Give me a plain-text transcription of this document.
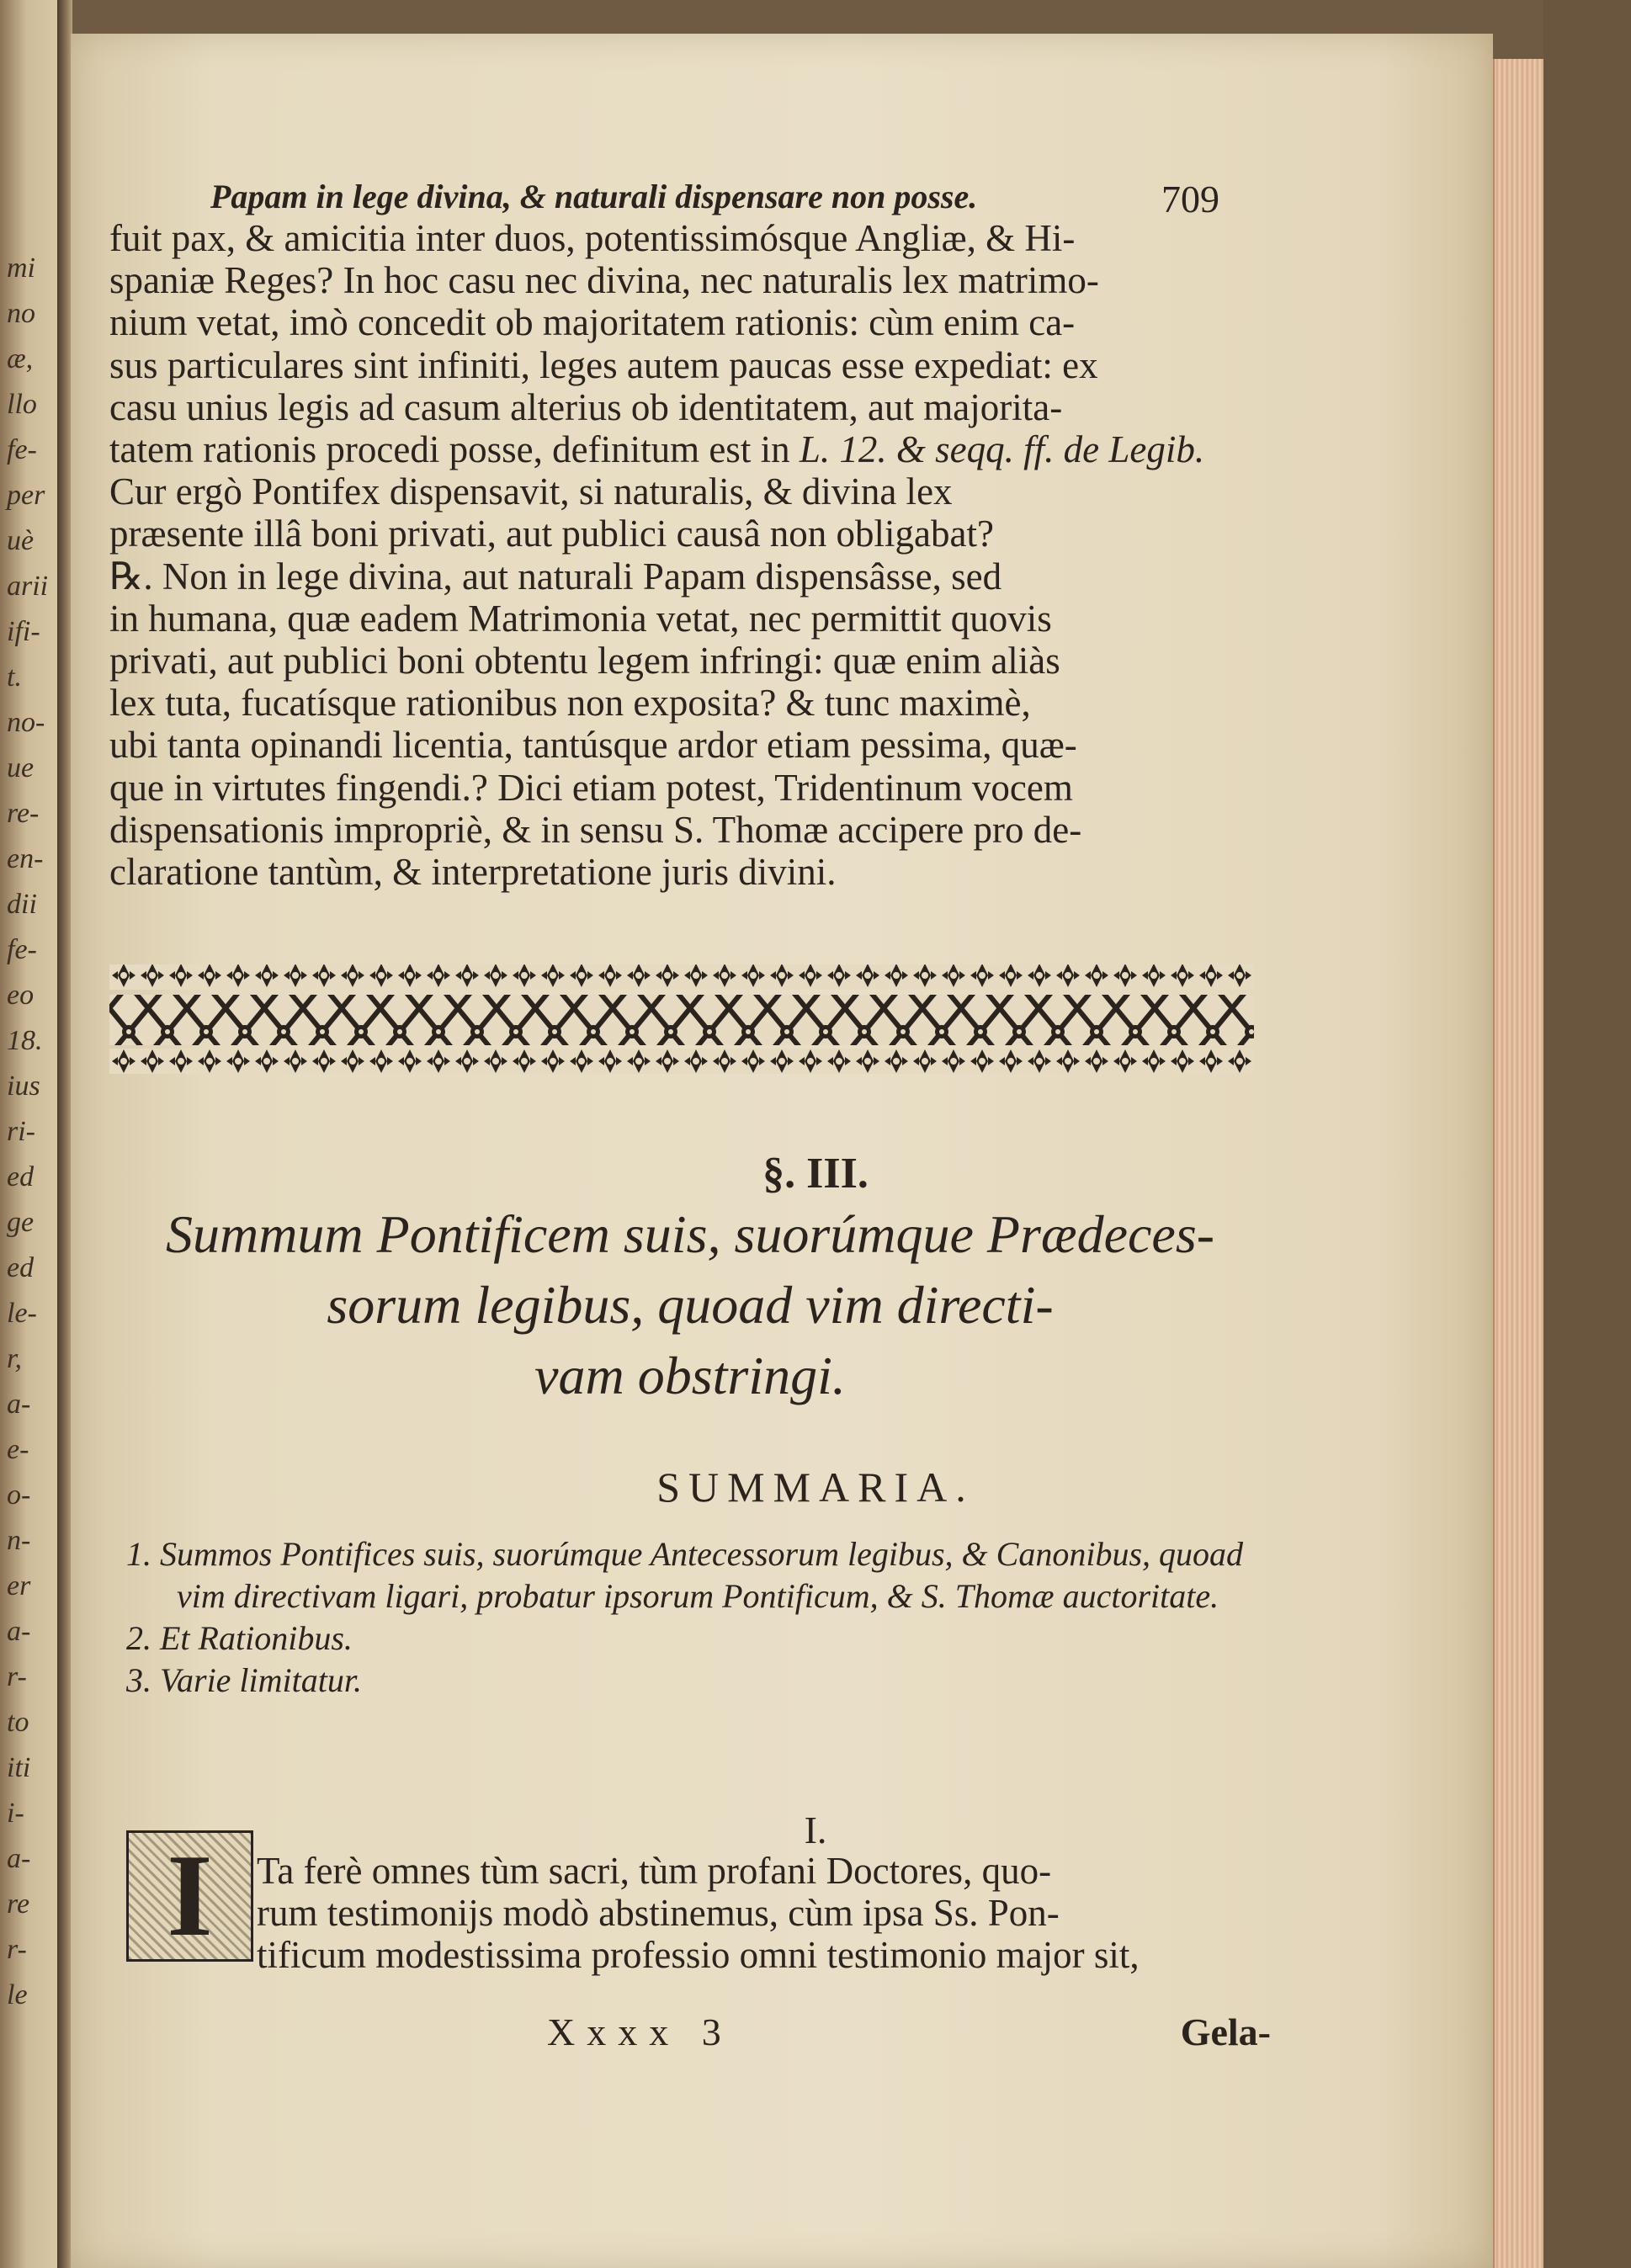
mi
no
æ,
llo
fe-
per
uè
arii
ifi-
t.
no-
ue
re-
en-
dii
fe-
eo
18.
ius
ri-
ed
ge
ed
le-
r,
a-
e-
o-
n-
er
a-
r-
to
iti
i-
a-
re
r-
le
Papam in lege divina, & naturali dispensare non posse.	709
fuit pax, & amicitia inter duos, potentissimósque Angliæ, & Hi-
spaniæ Reges? In hoc casu nec divina, nec naturalis lex matrimo-
nium vetat, imò concedit ob majoritatem rationis: cùm enim ca-
sus particulares sint infiniti, leges autem paucas esse expediat: ex
casu unius legis ad casum alterius ob identitatem, aut majorita-
tatem rationis procedi posse, definitum est in L. 12. & seqq. ff. de Legib.
Cur ergò Pontifex dispensavit, si naturalis, & divina lex
præsente illâ boni privati, aut publici causâ non obligabat?
℞. Non in lege divina, aut naturali Papam dispensâsse, sed
in humana, quæ eadem Matrimonia vetat, nec permittit quovis
privati, aut publici boni obtentu legem infringi: quæ enim aliàs
lex tuta, fucatísque rationibus non exposita? & tunc maximè,
ubi tanta opinandi licentia, tantúsque ardor etiam pessima, quæ-
que in virtutes fingendi.? Dici etiam potest, Tridentinum vocem
dispensationis impropriè, & in sensu S. Thomæ accipere pro de-
claratione tantùm, & interpretatione juris divini.
§. III.
Summum Pontificem suis, suorúmque Prædeces-
sorum legibus, quoad vim directi-
vam obstringi.
SUMMARIA.
1. Summos Pontifices suis, suorúmque Antecessorum legibus, & Canonibus, quoad vim directivam ligari, probatur ipsorum Pontificum, & S. Thomæ auctoritate.
2. Et Rationibus.
3. Varie limitatur.
I.
I	Ta ferè omnes tùm sacri, tùm profani Doctores, quo-
rum testimonijs modò abstinemus, cùm ipsa Ss. Pon-
tificum modestissima professio omni testimonio major sit,
Xxxx 3	Gela-
